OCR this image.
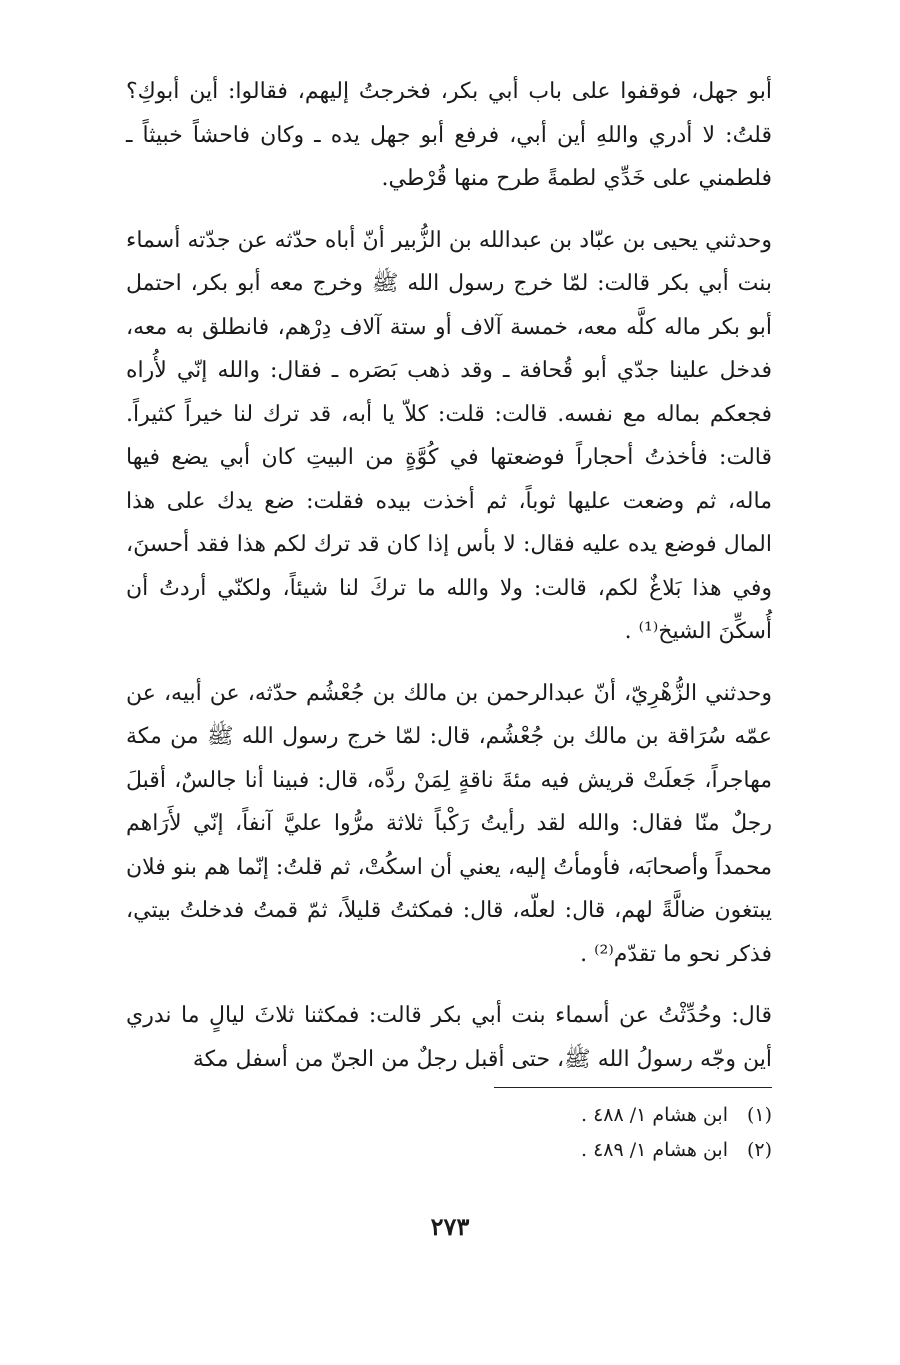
أبو جهل، فوقفوا على باب أبي بكر، فخرجتُ إليهم، فقالوا: أين أبوكِ؟ قلتُ: لا أدري واللهِ أين أبي، فرفع أبو جهل يده ـ وكان فاحشاً خبيثاً ـ فلطمني على خَدِّي لطمةً طرح منها قُرْطي.

وحدثني يحيى بن عبّاد بن عبدالله بن الزُّبير أنّ أباه حدّثه عن جدّته أسماء بنت أبي بكر قالت: لمّا خرج رسول الله ﷺ وخرج معه أبو بكر، احتمل أبو بكر ماله كلَّه معه، خمسة آلاف أو ستة آلاف دِرْهم، فانطلق به معه، فدخل علينا جدّي أبو قُحافة ـ وقد ذهب بَصَره ـ فقال: والله إنّي لأُراه فجعكم بماله مع نفسه. قالت: قلت: كلاّ يا أبه، قد ترك لنا خيراً كثيراً. قالت: فأخذتُ أحجاراً فوضعتها في كُوَّةٍ من البيتِ كان أبي يضع فيها ماله، ثم وضعت عليها ثوباً، ثم أخذت بيده فقلت: ضع يدك على هذا المال فوضع يده عليه فقال: لا بأس إذا كان قد ترك لكم هذا فقد أحسنَ، وفي هذا بَلاغٌ لكم، قالت: ولا والله ما تركَ لنا شيئاً، ولكنّي أردتُ أن أُسكِّنَ الشيخ⁽¹⁾ .

وحدثني الزُّهْرِيّ، أنّ عبدالرحمن بن مالك بن جُعْشُم حدّثه، عن أبيه، عن عمّه سُرَاقة بن مالك بن جُعْشُم، قال: لمّا خرج رسول الله ﷺ من مكة مهاجراً، جَعلَتْ قريش فيه مئةَ ناقةٍ لِمَنْ ردَّه، قال: فبينا أنا جالسٌ، أقبلَ رجلٌ منّا فقال: والله لقد رأيتُ رَكْباً ثلاثة مرُّوا عليَّ آنفاً، إنّي لأَرَاهم محمداً وأصحابَه، فأومأتُ إليه، يعني أن اسكُتْ، ثم قلتُ: إنّما هم بنو فلان يبتغون ضالَّةً لهم، قال: لعلّه، قال: فمكثتُ قليلاً، ثمّ قمتُ فدخلتُ بيتي، فذكر نحو ما تقدّم⁽²⁾ .

قال: وحُدِّثْتُ عن أسماء بنت أبي بكر قالت: فمكثنا ثلاثَ ليالٍ ما ندري أين وجّه رسولُ الله ﷺ، حتى أقبل رجلٌ من الجنّ من أسفل مكة

(١)ابن هشام ١/ ٤٨٨ .

(٢)ابن هشام ١/ ٤٨٩ .

٢٧٣
